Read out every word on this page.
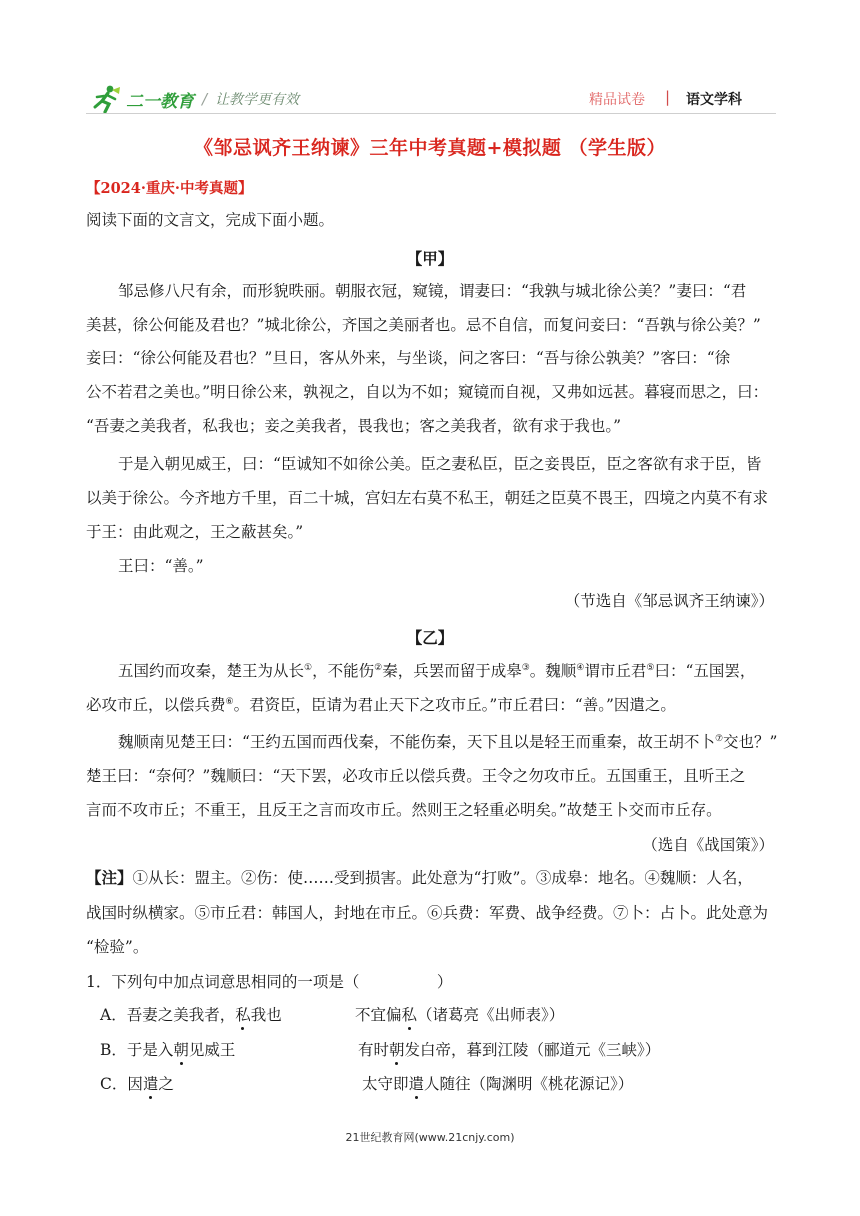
二一教育 / 让教学更有效	精品试卷 | 语文学科
《邹忌讽齐王纳谏》三年中考真题+模拟题 （学生版）
【2024·重庆·中考真题】
阅读下面的文言文，完成下面小题。
【甲】
邹忌修八尺有余，而形貌昳丽。朝服衣冠，窥镜，谓妻曰：“我孰与城北徐公美？”妻曰：“君
美甚，徐公何能及君也？”城北徐公，齐国之美丽者也。忌不自信，而复问妾曰：“吾孰与徐公美？”
妾曰：“徐公何能及君也？”旦日，客从外来，与坐谈，问之客曰：“吾与徐公孰美？”客曰：“徐
公不若君之美也。”明日徐公来，孰视之，自以为不如；窥镜而自视，又弗如远甚。暮寝而思之，曰：
“吾妻之美我者，私我也；妾之美我者，畏我也；客之美我者，欲有求于我也。”
于是入朝见威王，曰：“臣诚知不如徐公美。臣之妻私臣，臣之妾畏臣，臣之客欲有求于臣，皆
以美于徐公。今齐地方千里，百二十城，宫妇左右莫不私王，朝廷之臣莫不畏王，四境之内莫不有求
于王：由此观之，王之蔽甚矣。”
王曰：“善。”
（节选自《邹忌讽齐王纳谏》）
【乙】
五国约而攻秦，楚王为从长①，不能伤②秦，兵罢而留于成皋③。魏顺④谓市丘君⑤曰：“五国罢，
必攻市丘，以偿兵费⑥。君资臣，臣请为君止天下之攻市丘。”市丘君曰：“善。”因遣之。
魏顺南见楚王曰：“王约五国而西伐秦，不能伤秦，天下且以是轻王而重秦，故王胡不卜⑦交也？”
楚王曰：“奈何？”魏顺曰：“天下罢，必攻市丘以偿兵费。王令之勿攻市丘。五国重王，且听王之
言而不攻市丘；不重王，且反王之言而攻市丘。然则王之轻重必明矣。”故楚王卜交而市丘存。
（选自《战国策》）
【注】①从长：盟主。②伤：使……受到损害。此处意为“打败”。③成皋：地名。④魏顺：人名，
战国时纵横家。⑤市丘君：韩国人，封地在市丘。⑥兵费：军费、战争经费。⑦卜：占卜。此处意为
“检验”。
1．下列句中加点词意思相同的一项是（　　　　　）
A．吾妻之美我者，私我也	不宜偏私（诸葛亮《出师表》）
B．于是入朝见威王	有时朝发白帝，暮到江陵（郦道元《三峡》）
C．因遣之	太守即遣人随往（陶渊明《桃花源记》）
21世纪教育网(www.21cnjy.com)
